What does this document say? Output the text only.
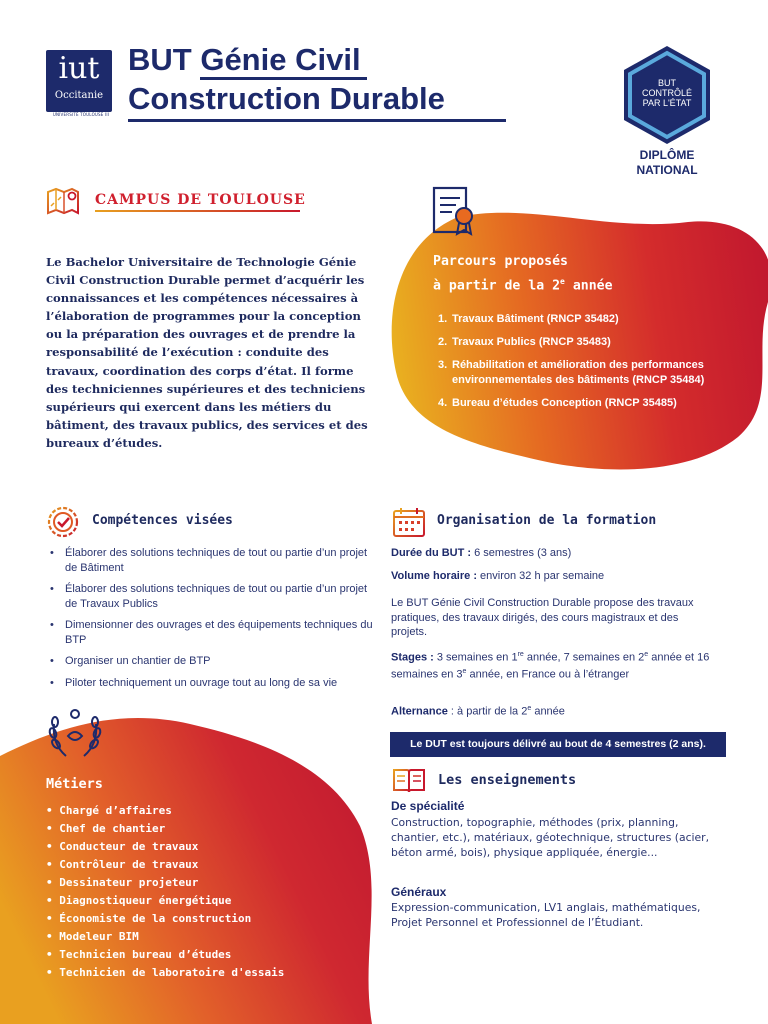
iut
Occitanie
UNIVERSITÉ TOULOUSE III
BUT Génie Civil
Construction Durable	BUT
CONTRÔLÉ
PAR L'ÉTAT
DIPLÔME
NATIONAL
CAMPUS DE TOULOUSE
Le Bachelor Universitaire de Technologie Génie Civil Construction Durable permet d’acquérir les connaissances et les compétences nécessaires à l’élaboration de programmes pour la conception ou la préparation des ouvrages et de prendre la responsabilité de l’exécution : conduite des travaux, coordination des corps d’état. Il forme des techniciennes supérieures et des techniciens supérieurs qui exercent dans les métiers du bâtiment, des travaux publics, des services et des bureaux d’études.
Parcours proposés
à partir de la 2e année
1. Travaux Bâtiment (RNCP 35482)
2. Travaux Publics (RNCP 35483)
3. Réhabilitation et amélioration des performances environnementales des bâtiments (RNCP 35484)
4. Bureau d’études Conception (RNCP 35485)
Compétences visées
• Élaborer des solutions techniques de tout ou partie d’un projet de Bâtiment
• Élaborer des solutions techniques de tout ou partie d’un projet de Travaux Publics
• Dimensionner des ouvrages et des équipements techniques du BTP
• Organiser un chantier de BTP
• Piloter techniquement un ouvrage tout au long de sa vie
Organisation de la formation
Durée du BUT : 6 semestres (3 ans)
Volume horaire : environ 32 h par semaine
Le BUT Génie Civil Construction Durable propose des travaux pratiques, des travaux dirigés, des cours magistraux et des projets.
Stages : 3 semaines en 1re année, 7 semaines en 2e année et 16 semaines en 3e année, en France ou à l’étranger
Alternance : à partir de la 2e année
Le DUT est toujours délivré au bout de 4 semestres (2 ans).
Les enseignements
De spécialité
Construction, topographie, méthodes (prix, planning, chantier, etc.), matériaux, géotechnique, structures (acier, béton armé, bois), physique appliquée, énergie...
Généraux
Expression-communication, LV1 anglais, mathématiques, Projet Personnel et Professionnel de l’Étudiant.
Métiers
• Chargé d’affaires
• Chef de chantier
• Conducteur de travaux
• Contrôleur de travaux
• Dessinateur projeteur
• Diagnostiqueur énergétique
• Économiste de la construction
• Modeleur BIM
• Technicien bureau d’études
• Technicien de laboratoire d'essais
